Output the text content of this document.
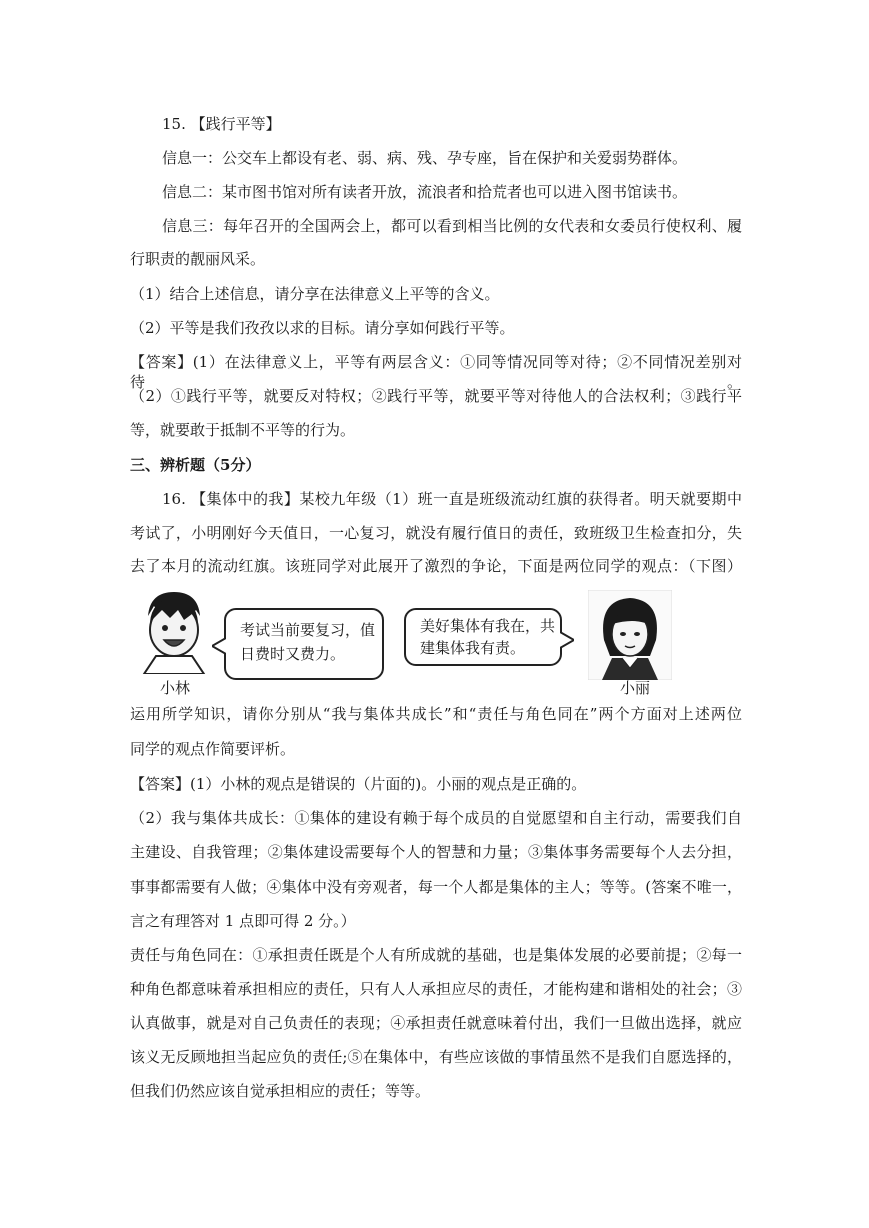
15. 【践行平等】
信息一：公交车上都设有老、弱、病、残、孕专座，旨在保护和关爱弱势群体。
信息二：某市图书馆对所有读者开放，流浪者和拾荒者也可以进入图书馆读书。
信息三：每年召开的全国两会上，都可以看到相当比例的女代表和女委员行使权利、履
行职责的靓丽风采。
（1）结合上述信息，请分享在法律意义上平等的含义。
（2）平等是我们孜孜以求的目标。请分享如何践行平等。
【答案】(1）在法律意义上，平等有两层含义：①同等情况同等对待；②不同情况差别对待。
（2）①践行平等，就要反对特权；②践行平等，就要平等对待他人的合法权利；③践行平
等，就要敢于抵制不平等的行为。
三、辨析题（5分）
16. 【集体中的我】某校九年级（1）班一直是班级流动红旗的获得者。明天就要期中
考试了，小明刚好今天值日，一心复习，就没有履行值日的责任，致班级卫生检查扣分，失
去了本月的流动红旗。该班同学对此展开了激烈的争论，下面是两位同学的观点：（下图）
考试当前要复习，值
日费时又费力。
美好集体有我在，共
建集体我有责。
小林	小丽
运用所学知识，请你分别从“我与集体共成长”和“责任与角色同在”两个方面对上述两位
同学的观点作简要评析。
【答案】(1）小林的观点是错误的（片面的)。小丽的观点是正确的。
（2）我与集体共成长：①集体的建设有赖于每个成员的自觉愿望和自主行动，需要我们自
主建设、自我管理；②集体建设需要每个人的智慧和力量；③集体事务需要每个人去分担，
事事都需要有人做；④集体中没有旁观者，每一个人都是集体的主人；等等。(答案不唯一，
言之有理答对 1 点即可得 2 分。）
责任与角色同在：①承担责任既是个人有所成就的基础，也是集体发展的必要前提；②每一
种角色都意味着承担相应的责任，只有人人承担应尽的责任，才能构建和谐相处的社会；③
认真做事，就是对自己负责任的表现；④承担责任就意味着付出，我们一旦做出选择，就应
该义无反顾地担当起应负的责任;⑤在集体中，有些应该做的事情虽然不是我们自愿选择的，
但我们仍然应该自觉承担相应的责任；等等。
